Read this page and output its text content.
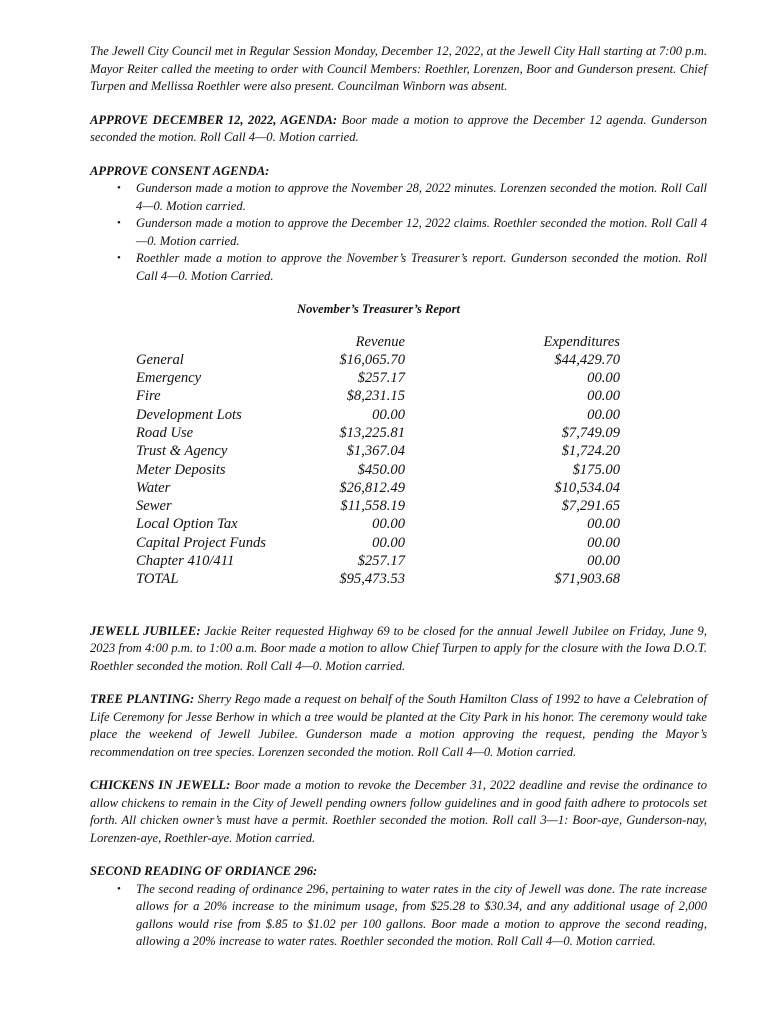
The Jewell City Council met in Regular Session Monday, December 12, 2022, at the Jewell City Hall starting at 7:00 p.m. Mayor Reiter called the meeting to order with Council Members: Roethler, Lorenzen, Boor and Gunderson present. Chief Turpen and Mellissa Roethler were also present. Councilman Winborn was absent.

APPROVE DECEMBER 12, 2022, AGENDA: Boor made a motion to approve the December 12 agenda. Gunderson seconded the motion. Roll Call 4—0. Motion carried.

APPROVE CONSENT AGENDA:

• Gunderson made a motion to approve the November 28, 2022 minutes. Lorenzen seconded the motion. Roll Call 4—0. Motion carried.
• Gunderson made a motion to approve the December 12, 2022 claims. Roethler seconded the motion. Roll Call 4—0. Motion carried.
• Roethler made a motion to approve the November’s Treasurer’s report. Gunderson seconded the motion. Roll Call 4—0. Motion Carried.

November’s Treasurer’s Report

Revenue	Expenditures
General	$16,065.70	$44,429.70
Emergency	$257.17	00.00
Fire	$8,231.15	00.00
Development Lots	00.00	00.00
Road Use	$13,225.81	$7,749.09
Trust & Agency	$1,367.04	$1,724.20
Meter Deposits	$450.00	$175.00
Water	$26,812.49	$10,534.04
Sewer	$11,558.19	$7,291.65
Local Option Tax	00.00	00.00
Capital Project Funds	00.00	00.00
Chapter 410/411	$257.17	00.00
TOTAL	$95,473.53	$71,903.68

JEWELL JUBILEE: Jackie Reiter requested Highway 69 to be closed for the annual Jewell Jubilee on Friday, June 9, 2023 from 4:00 p.m. to 1:00 a.m. Boor made a motion to allow Chief Turpen to apply for the closure with the Iowa D.O.T. Roethler seconded the motion. Roll Call 4—0. Motion carried.

TREE PLANTING: Sherry Rego made a request on behalf of the South Hamilton Class of 1992 to have a Celebration of Life Ceremony for Jesse Berhow in which a tree would be planted at the City Park in his honor. The ceremony would take place the weekend of Jewell Jubilee. Gunderson made a motion approving the request, pending the Mayor’s recommendation on tree species. Lorenzen seconded the motion. Roll Call 4—0. Motion carried.

CHICKENS IN JEWELL: Boor made a motion to revoke the December 31, 2022 deadline and revise the ordinance to allow chickens to remain in the City of Jewell pending owners follow guidelines and in good faith adhere to protocols set forth. All chicken owner’s must have a permit. Roethler seconded the motion. Roll call 3—1: Boor-aye, Gunderson-nay, Lorenzen-aye, Roethler-aye. Motion carried.

SECOND READING OF ORDIANCE 296:

• The second reading of ordinance 296, pertaining to water rates in the city of Jewell was done. The rate increase allows for a 20% increase to the minimum usage, from $25.28 to $30.34, and any additional usage of 2,000 gallons would rise from $.85 to $1.02 per 100 gallons. Boor made a motion to approve the second reading, allowing a 20% increase to water rates. Roethler seconded the motion. Roll Call 4—0. Motion carried.
